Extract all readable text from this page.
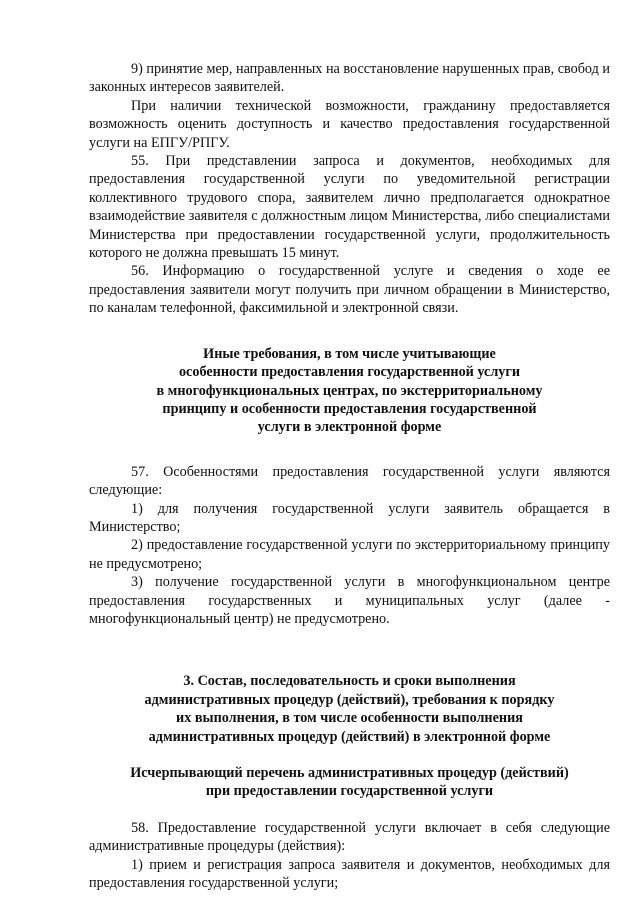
9) принятие мер, направленных на восстановление нарушенных прав, свобод и законных интересов заявителей.

При наличии технической возможности, гражданину предоставляется возможность оценить доступность и качество предоставления государственной услуги на ЕПГУ/РПГУ.

55. При представлении запроса и документов, необходимых для предоставления государственной услуги по уведомительной регистрации коллективного трудового спора, заявителем лично предполагается однократное взаимодействие заявителя с должностным лицом Министерства, либо специалистами Министерства при предоставлении государственной услуги, продолжительность которого не должна превышать 15 минут.

56. Информацию о государственной услуге и сведения о ходе ее предоставления заявители могут получить при личном обращении в Министерство, по каналам телефонной, факсимильной и электронной связи.

Иные требования, в том числе учитывающие

особенности предоставления государственной услуги

в многофункциональных центрах, по экстерриториальному

принципу и особенности предоставления государственной

услуги в электронной форме

57. Особенностями предоставления государственной услуги являются следующие:

1) для получения государственной услуги заявитель обращается в Министерство;

2) предоставление государственной услуги по экстерриториальному принципу не предусмотрено;

3) получение государственной услуги в многофункциональном центре предоставления государственных и муниципальных услуг (далее - многофункциональный центр) не предусмотрено.

3. Состав, последовательность и сроки выполнения

административных процедур (действий), требования к порядку

их выполнения, в том числе особенности выполнения

административных процедур (действий) в электронной форме

Исчерпывающий перечень административных процедур (действий)

при предоставлении государственной услуги

58. Предоставление государственной услуги включает в себя следующие административные процедуры (действия):

1) прием и регистрация запроса заявителя и документов, необходимых для предоставления государственной услуги;
